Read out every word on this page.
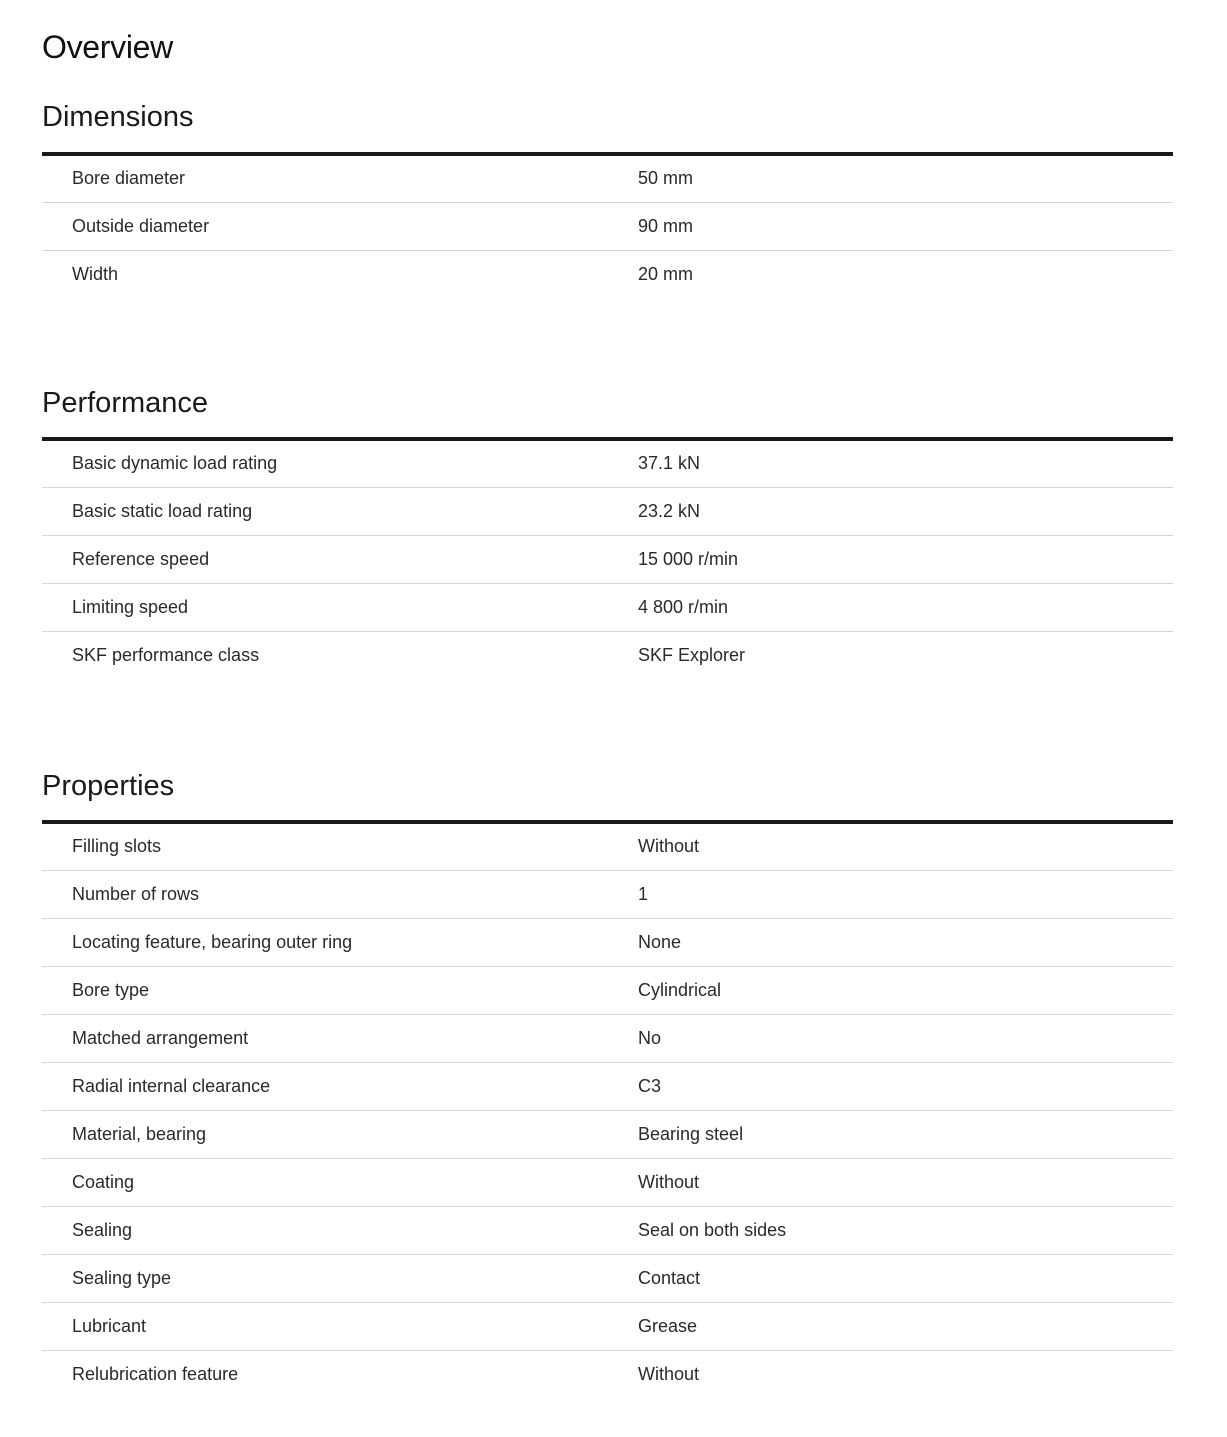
Overview
Dimensions
Bore diameter	50 mm
Outside diameter	90 mm
Width	20 mm
Performance
Basic dynamic load rating	37.1 kN
Basic static load rating	23.2 kN
Reference speed	15 000 r/min
Limiting speed	4 800 r/min
SKF performance class	SKF Explorer
Properties
Filling slots	Without
Number of rows	1
Locating feature, bearing outer ring	None
Bore type	Cylindrical
Matched arrangement	No
Radial internal clearance	C3
Material, bearing	Bearing steel
Coating	Without
Sealing	Seal on both sides
Sealing type	Contact
Lubricant	Grease
Relubrication feature	Without
